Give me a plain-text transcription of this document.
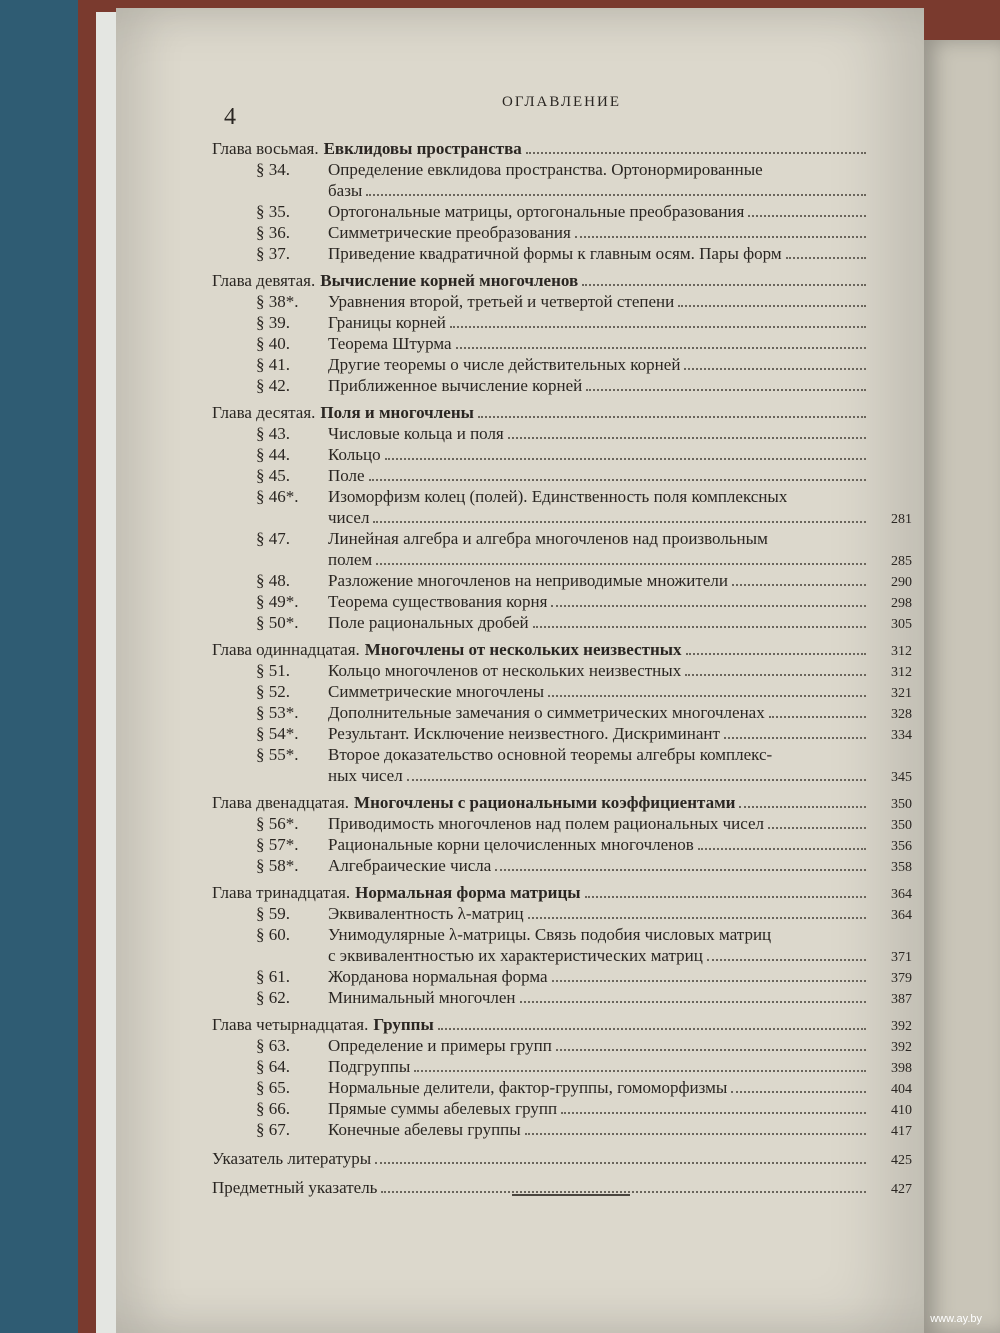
4
ОГЛАВЛЕНИЕ
Глава восьмая. Евклидовы пространства
§ 34. Определение евклидова пространства. Ортонормированные
базы
§ 35. Ортогональные матрицы, ортогональные преобразования
§ 36. Симметрические преобразования
§ 37. Приведение квадратичной формы к главным осям. Пары форм
Глава девятая. Вычисление корней многочленов
§ 38*. Уравнения второй, третьей и четвертой степени
§ 39. Границы корней
§ 40. Теорема Штурма
§ 41. Другие теоремы о числе действительных корней
§ 42. Приближенное вычисление корней
Глава десятая. Поля и многочлены
§ 43. Числовые кольца и поля
§ 44. Кольцо
§ 45. Поле
§ 46*. Изоморфизм колец (полей). Единственность поля комплексных
чисел	281
§ 47. Линейная алгебра и алгебра многочленов над произвольным
полем	285
§ 48. Разложение многочленов на неприводимые множители	290
§ 49*. Теорема существования корня	298
§ 50*. Поле рациональных дробей	305
Глава одиннадцатая. Многочлены от нескольких неизвестных	312
§ 51. Кольцо многочленов от нескольких неизвестных	312
§ 52. Симметрические многочлены	321
§ 53*. Дополнительные замечания о симметрических многочленах	328
§ 54*. Результант. Исключение неизвестного. Дискриминант	334
§ 55*. Второе доказательство основной теоремы алгебры комплекс-
ных чисел	345
Глава двенадцатая. Многочлены с рациональными коэффициентами	350
§ 56*. Приводимость многочленов над полем рациональных чисел	350
§ 57*. Рациональные корни целочисленных многочленов	356
§ 58*. Алгебраические числа	358
Глава тринадцатая. Нормальная форма матрицы	364
§ 59. Эквивалентность λ-матриц	364
§ 60. Унимодулярные λ-матрицы. Связь подобия числовых матриц
с эквивалентностью их характеристических матриц	371
§ 61. Жорданова нормальная форма	379
§ 62. Минимальный многочлен	387
Глава четырнадцатая. Группы	392
§ 63. Определение и примеры групп	392
§ 64. Подгруппы	398
§ 65. Нормальные делители, фактор-группы, гомоморфизмы	404
§ 66. Прямые суммы абелевых групп	410
§ 67. Конечные абелевы группы	417
Указатель литературы	425
Предметный указатель	427
www.ay.by
